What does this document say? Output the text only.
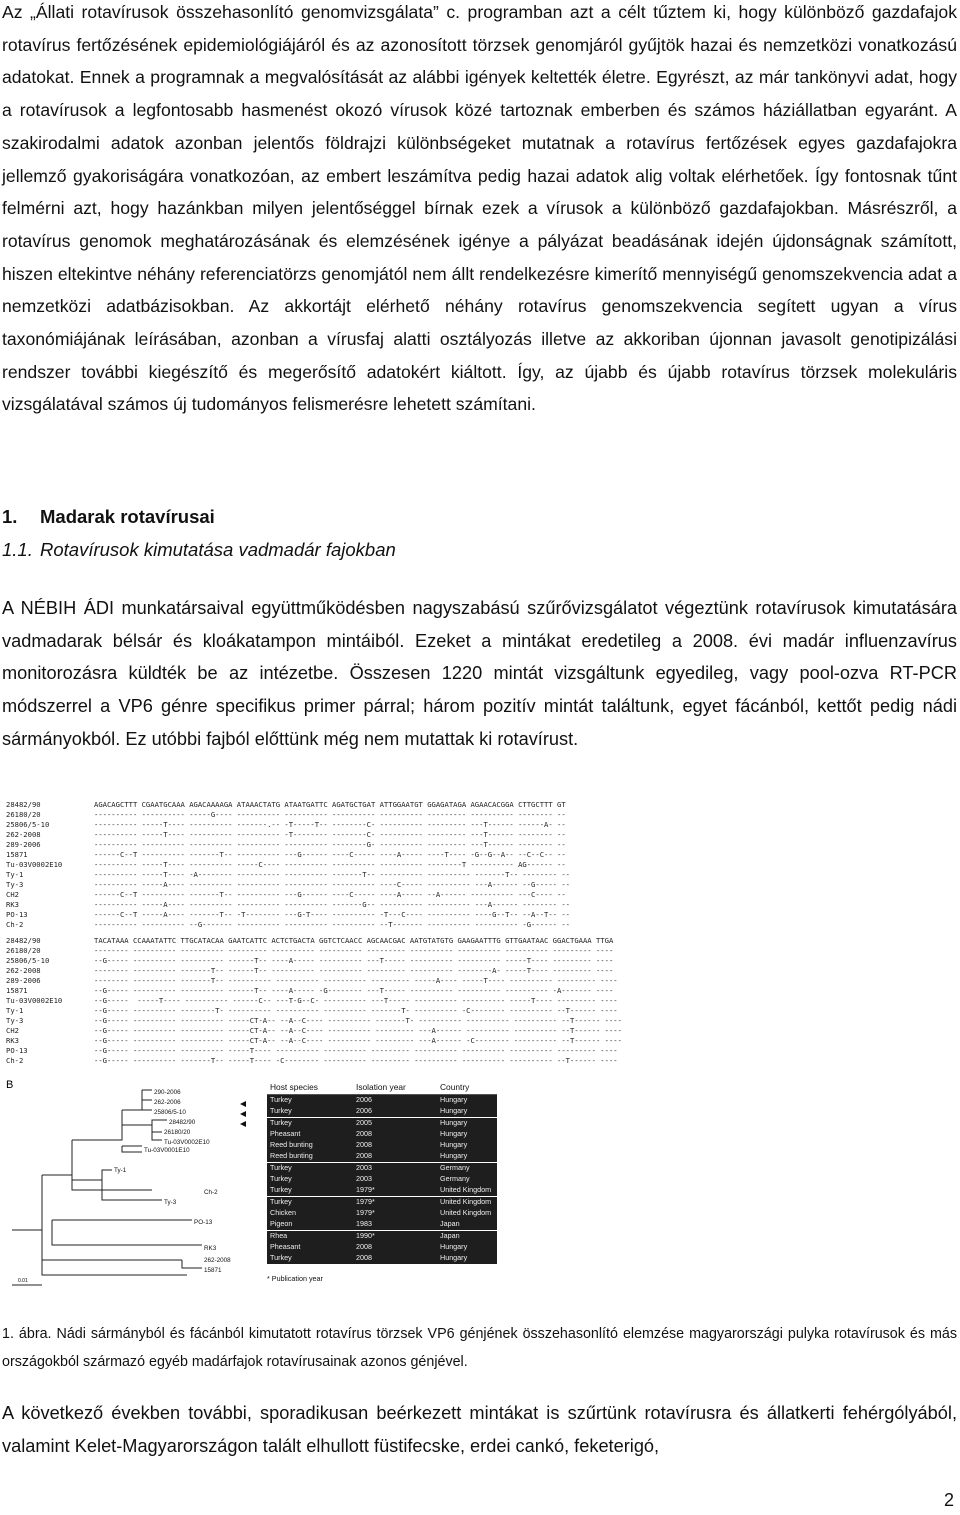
Az „Állati rotavírusok összehasonlító genomvizsgálata” c. programban azt a célt tűztem ki, hogy különböző gazdafajok rotavírus fertőzésének epidemiológiájáról és az azonosított törzsek genomjáról gyűjtök hazai és nemzetközi vonatkozású adatokat. Ennek a programnak a megvalósítását az alábbi igények keltették életre. Egyrészt, az már tankönyvi adat, hogy a rotavírusok a legfontosabb hasmenést okozó vírusok közé tartoznak emberben és számos háziállatban egyaránt. A szakirodalmi adatok azonban jelentős földrajzi különbségeket mutatnak a rotavírus fertőzések egyes gazdafajokra jellemző gyakoriságára vonatkozóan, az embert leszámítva pedig hazai adatok alig voltak elérhetőek. Így fontosnak tűnt felmérni azt, hogy hazánkban milyen jelentőséggel bírnak ezek a vírusok a különböző gazdafajokban. Másrészről, a rotavírus genomok meghatározásának és elemzésének igénye a pályázat beadásának idején újdonságnak számított, hiszen eltekintve néhány referenciatörzs genomjától nem állt rendelkezésre kimerítő mennyiségű genomszekvencia adat a nemzetközi adatbázisokban. Az akkortájt elérhető néhány rotavírus genomszekvencia segített ugyan a vírus taxonómiájának leírásában, azonban a vírusfaj alatti osztályozás illetve az akkoriban újonnan javasolt genotipizálási rendszer további kiegészítő és megerősítő adatokért kiáltott. Így, az újabb és újabb rotavírus törzsek molekuláris vizsgálatával számos új tudományos felismerésre lehetett számítani.

1. Madarak rotavírusai
1.1. Rotavírusok kimutatása vadmadár fajokban

A NÉBIH ÁDI munkatársaival együttműködésben nagyszabású szűrővizsgálatot végeztünk rotavírusok kimutatására vadmadarak bélsár és kloákatampon mintáiból. Ezeket a mintákat eredetileg a 2008. évi madár influenzavírus monitorozásra küldték be az intézetbe. Összesen 1220 mintát vizsgáltunk egyedileg, vagy pool-ozva RT-PCR módszerrel a VP6 génre specifikus primer párral; három pozitív mintát találtunk, egyet fácánból, kettőt pedig nádi sármányokból. Ez utóbbi fajból előttünk még nem mutattak ki rotavírust.

28482/90	AGACAGCTTT CGAATGCAAA AGACAAAAGA ATAAACTATG ATAATGATTC AGATGCTGAT ATTGGAATGT GGAGATAGA AGAACACGGA CTTGCTTT GT
26180/20	---------- ---------- -----G---- ---------- ---------- ---------- ---------- --------- ---------- -------- --
25806/5-10	---------- -----T---- ---------- -------.-- -T-----T-- --------C- ---------- --------- ---T------ ------A- --
262-2008	---------- -----T---- ---------- ---------- -T-------- --------C- ---------- --------- ---T------ -------- --
289-2006	---------- ---------- ---------- ---------- ---------- --------G- ---------- --------- ---T------ -------- --
15871	------C--T ---------- -------T-- ---------- ---G------ ----C----- ----A----- ----T---- -G--G--A-- --C--C-- --
Tu-03V0002E10	---------- -----T---- ---------- -----C---- ---------- ---------- ---------- --------T ---------- AG------ --
Ty-1	---------- -----T---- -A-------- ---------- ---------- -------T-- ---------- ---------- -------T-- -------- --
Ty-3	---------- -----A---- ---------- ---------- ---------- ---------- ----C----- ---------- ---A------ --G----- --
CH2	------C--T ---------- -------T-- ---------- ---G------ ----C----- ----A----- --A------ ---------- ---C---- --
RK3	---------- -----A---- ---------- ---------- ---------- -------G-- ---------- ---------- ---A------ -------- --
PO-13	------C--T -----A---- -------T-- -T-------- ---G-T---- ---------- -T---C---- ---------- ----G--T-- --A--T-- --
Ch-2	---------- ---------- --G------- ---------- ---------- ---------- --T------- ---------- ---------- -G------ --
28482/90	TACATAAA CCAAATATTC TTGCATACAA GAATCATTC ACTCTGACTA GGTCTCAACC AGCAACGAC AATGTATGTG GAAGAATTTG GTTGAATAAC GGACTGAAA TTGA
26180/20	-------- ---------- ---------- --------- ---------- ---------- --------- ---------- ---------- ---------- --------- ----
25806/5-10	--G----- ---------- ---------- ------T-- ----A----- ---------- ---T----- ---------- ---------- -----T---- --------- ----
262-2008	-------- ---------- -------T-- ------T-- ---------- ---------- --------- ---------- --------A- -----T---- --------- ----
289-2006	-------- ---------- -------T-- ---------- ---------- ---------- --------- -----A---- -----T---- ---------- --------- ----
15871	--G----- ---------- ---------- ------T-- ----A----- -G-------- ---T----- ---------- ---------- ---------- -A------- ----
Tu-03V0002E10	--G-----  -----T---- ---------- ------C-- ---T-G--C- ---------- ---T----- ---------- ---------- -----T---- --------- ----
Ty-1	--G----- ---------- --------T- ---------- ---------- ---------- -------T- ---------- -C-------- ---------- --T------ ----
Ty-3	--G----- ---------- ---------- -----CT-A-- --A--C---- ---------- -------T- ---------- ---------- ---------- --T------ ----
CH2	--G----- ---------- ---------- -----CT-A-- --A--C---- ---------- --------- ---A------ ---------- ---------- --T------ ----
RK3	--G----- ---------- ---------- -----CT-A-- --A--C---- ---------- --------- ---A------ -C-------- ---------- --T------ ----
PO-13	--G----- ---------- ---------- -----T---- ---------- ---------- --------- ---------- ---------- ---------- --------- ----
Ch-2	--G----- ---------- -------T-- -----T---- -C-------- ---------- --------- ---------- ---------- ---------- --T------ ----
B
290-2006
262-2006
25806/5-10
28482/90
26180/20
Tu-03V0002E10
Tu-03V0001E10
Ty-1
Ty-3
Ch-2
PO-13
RK3
262-2008
15871
0.01
Host species	Isolation year	Country
Turkey	2006	Hungary
Turkey	2006	Hungary
Turkey	2005	Hungary
Pheasant	2008	Hungary
Reed bunting	2008	Hungary
Reed bunting	2008	Hungary
Turkey	2003	Germany
Turkey	2003	Germany
Turkey	1979*	United Kingdom
Turkey	1979*	United Kingdom
Chicken	1979*	United Kingdom
Pigeon	1983	Japan
Rhea	1990*	Japan
Pheasant	2008	Hungary
Turkey	2008	Hungary
* Publication year

1. ábra. Nádi sármányból és fácánból kimutatott rotavírus törzsek VP6 génjének összehasonlító elemzése magyarországi pulyka rotavírusok és más országokból származó egyéb madárfajok rotavírusainak azonos génjével.

A következő években további, sporadikusan beérkezett mintákat is szűrtünk rotavírusra és állatkerti fehérgólyából, valamint Kelet-Magyarországon talált elhullott füstifecske, erdei cankó, feketerigó,

2
